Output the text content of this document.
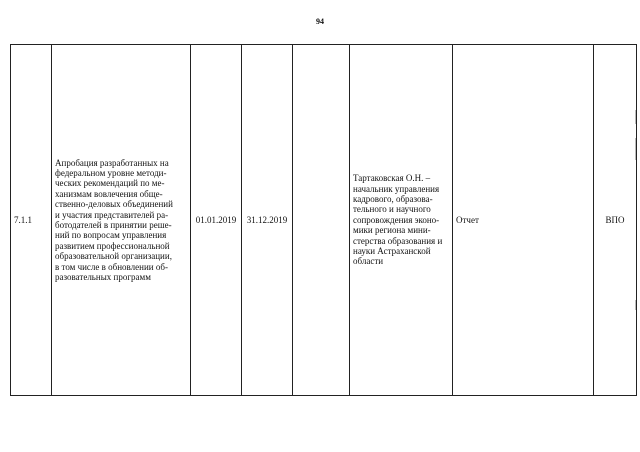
94
7.1.1	Апробация разработанных на
федеральном уровне методи-
ческих рекомендаций по ме-
ханизмам вовлечения обще-
ственно-деловых объединений
и участия представителей ра-
ботодателей в принятии реше-
ний по вопросам управления
развитием профессиональной
образовательной организации,
в том числе в обновлении об-
разовательных программ	01.01.2019	31.12.2019		Тартаковская О.Н. –
начальник управления
кадрового, образова-
тельного и научного
сопровождения эконо-
мики региона мини-
стерства образования и
науки Астраханской
области	Отчет	ВПО
